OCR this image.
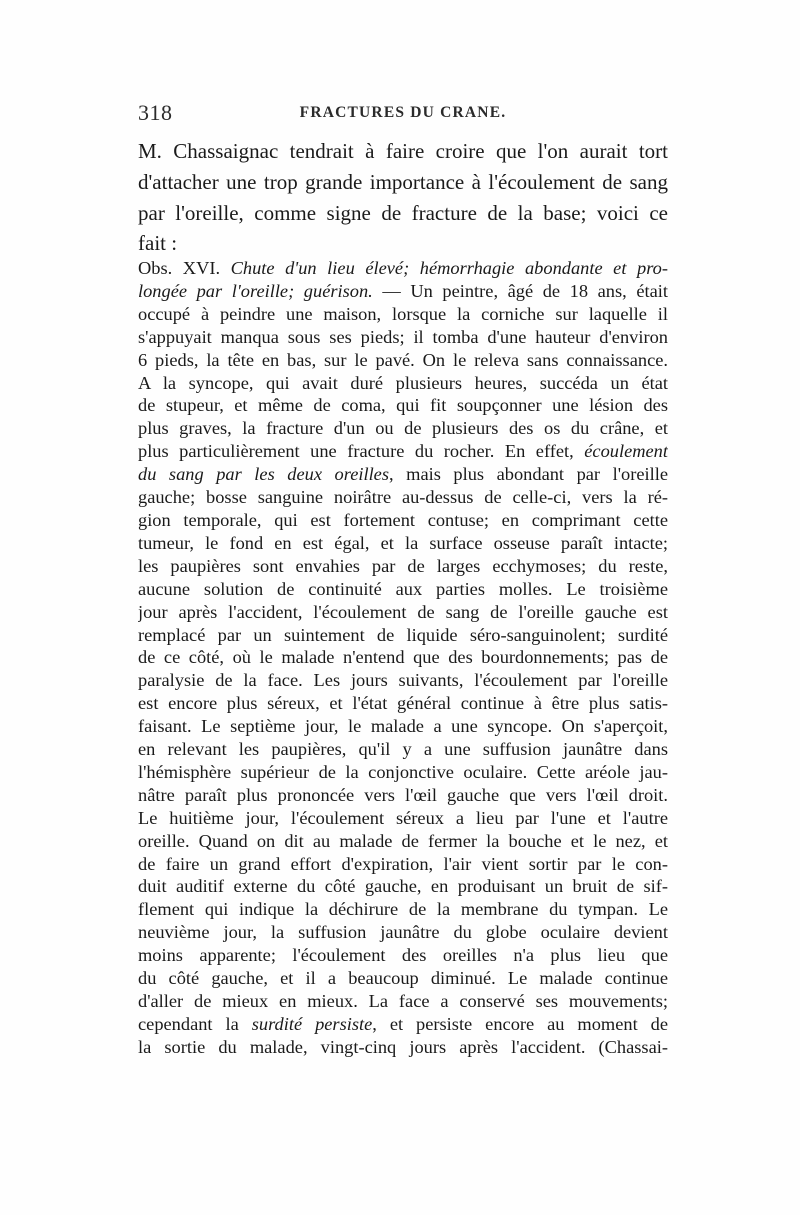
318	FRACTURES DU CRANE.
M. Chassaignac tendrait à faire croire que l'on aurait tort
d'attacher une trop grande importance à l'écoulement de sang
par l'oreille, comme signe de fracture de la base; voici ce
fait :
Obs. XVI. Chute d'un lieu élevé; hémorrhagie abondante et pro-
longée par l'oreille; guérison. — Un peintre, âgé de 18 ans, était
occupé à peindre une maison, lorsque la corniche sur laquelle il
s'appuyait manqua sous ses pieds; il tomba d'une hauteur d'environ
6 pieds, la tête en bas, sur le pavé. On le releva sans connaissance.
A la syncope, qui avait duré plusieurs heures, succéda un état
de stupeur, et même de coma, qui fit soupçonner une lésion des
plus graves, la fracture d'un ou de plusieurs des os du crâne, et
plus particulièrement une fracture du rocher. En effet, écoulement
du sang par les deux oreilles, mais plus abondant par l'oreille
gauche; bosse sanguine noirâtre au-dessus de celle-ci, vers la ré-
gion temporale, qui est fortement contuse; en comprimant cette
tumeur, le fond en est égal, et la surface osseuse paraît intacte;
les paupières sont envahies par de larges ecchymoses; du reste,
aucune solution de continuité aux parties molles. Le troisième
jour après l'accident, l'écoulement de sang de l'oreille gauche est
remplacé par un suintement de liquide séro-sanguinolent; surdité
de ce côté, où le malade n'entend que des bourdonnements; pas de
paralysie de la face. Les jours suivants, l'écoulement par l'oreille
est encore plus séreux, et l'état général continue à être plus satis-
faisant. Le septième jour, le malade a une syncope. On s'aperçoit,
en relevant les paupières, qu'il y a une suffusion jaunâtre dans
l'hémisphère supérieur de la conjonctive oculaire. Cette aréole jau-
nâtre paraît plus prononcée vers l'œil gauche que vers l'œil droit.
Le huitième jour, l'écoulement séreux a lieu par l'une et l'autre
oreille. Quand on dit au malade de fermer la bouche et le nez, et
de faire un grand effort d'expiration, l'air vient sortir par le con-
duit auditif externe du côté gauche, en produisant un bruit de sif-
flement qui indique la déchirure de la membrane du tympan. Le
neuvième jour, la suffusion jaunâtre du globe oculaire devient
moins apparente; l'écoulement des oreilles n'a plus lieu que
du côté gauche, et il a beaucoup diminué. Le malade continue
d'aller de mieux en mieux. La face a conservé ses mouvements;
cependant la surdité persiste, et persiste encore au moment de
la sortie du malade, vingt-cinq jours après l'accident. (Chassai-
